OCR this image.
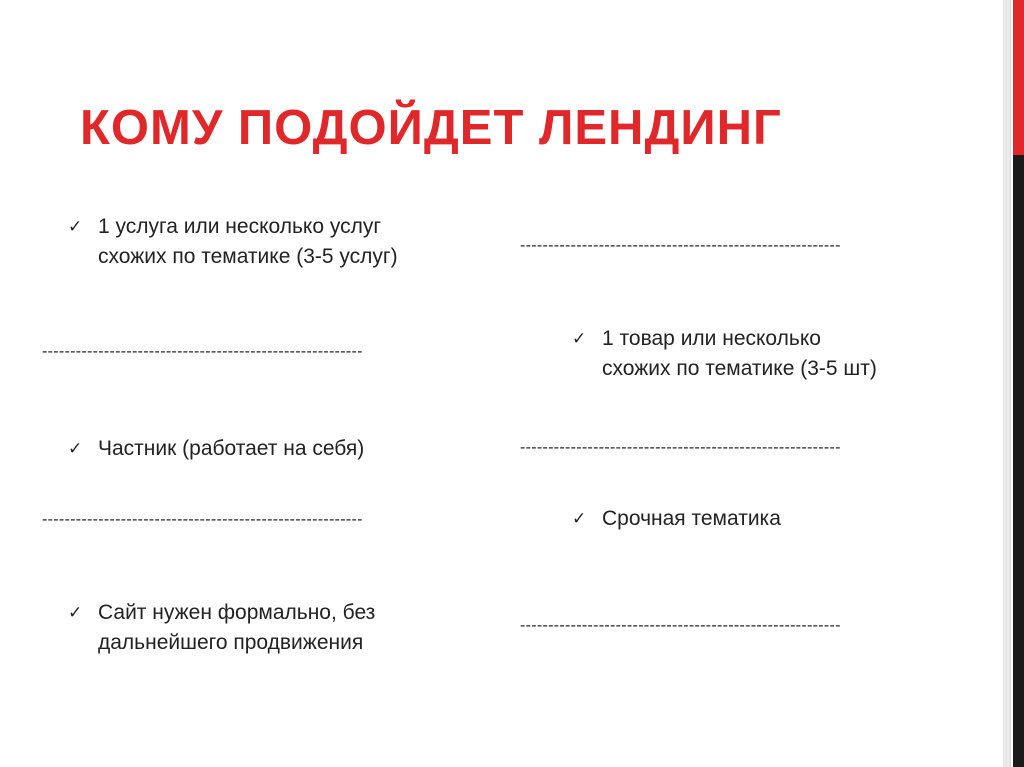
КОМУ ПОДОЙДЕТ ЛЕНДИНГ
✓ 1 услуга или несколько услуг
схожих по тематике (3-5 услуг)
---------------------------------------------------------
✓ Частник (работает на себя)
---------------------------------------------------------
✓ Сайт нужен формально, без
дальнейшего продвижения
---------------------------------------------------------
✓ 1 товар или несколько
схожих по тематике (3-5 шт)
---------------------------------------------------------
✓ Срочная тематика
---------------------------------------------------------
